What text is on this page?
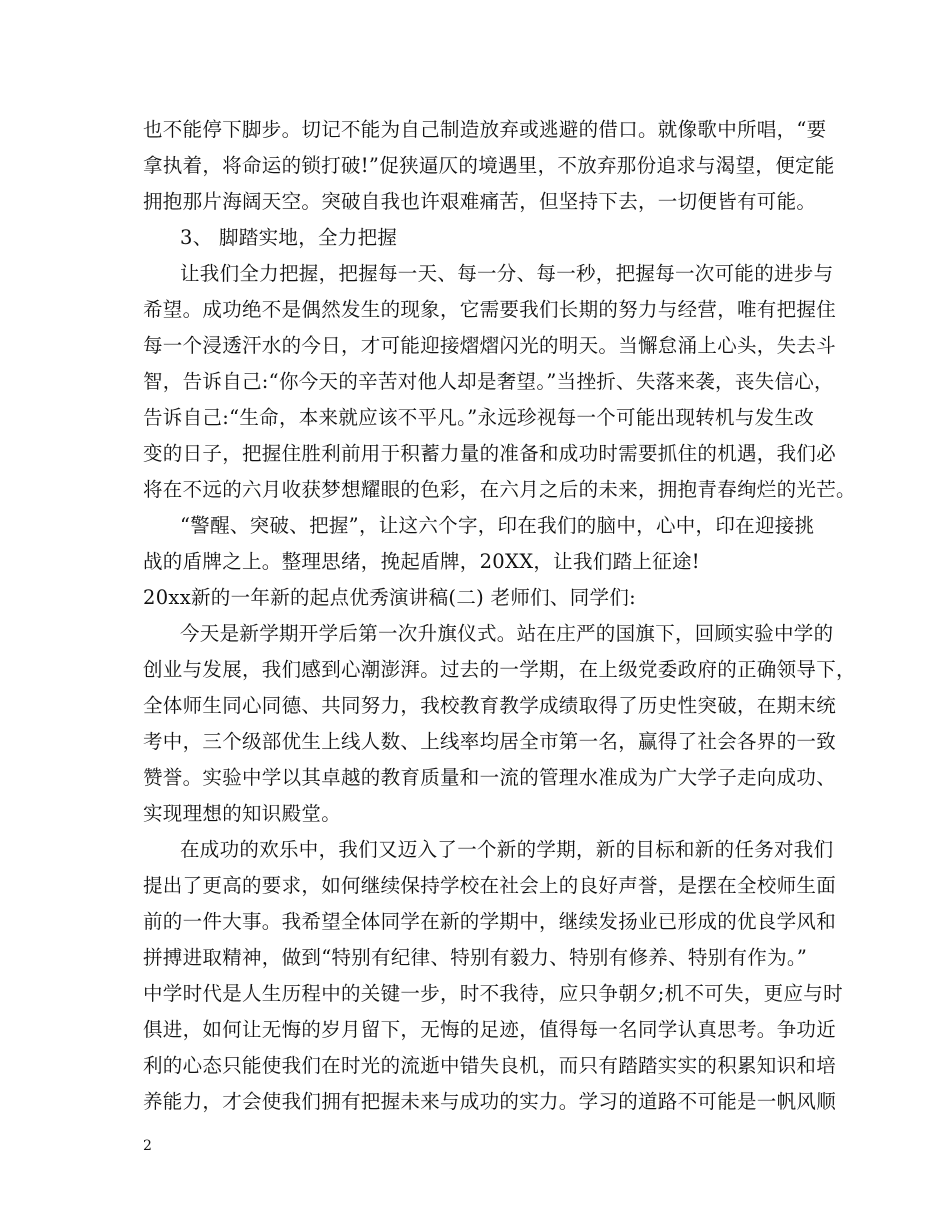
也不能停下脚步。切记不能为自己制造放弃或逃避的借口。就像歌中所唱，“要
拿执着，将命运的锁打破!”促狭逼仄的境遇里，不放弃那份追求与渴望，便定能
拥抱那片海阔天空。突破自我也许艰难痛苦，但坚持下去，一切便皆有可能。
3、 脚踏实地，全力把握
让我们全力把握，把握每一天、每一分、每一秒，把握每一次可能的进步与
希望。成功绝不是偶然发生的现象，它需要我们长期的努力与经营，唯有把握住
每一个浸透汗水的今日，才可能迎接熠熠闪光的明天。当懈怠涌上心头，失去斗
智，告诉自己:“你今天的辛苦对他人却是奢望。”当挫折、失落来袭，丧失信心，
告诉自己:“生命，本来就应该不平凡。”永远珍视每一个可能出现转机与发生改
变的日子，把握住胜利前用于积蓄力量的准备和成功时需要抓住的机遇，我们必
将在不远的六月收获梦想耀眼的色彩，在六月之后的未来，拥抱青春绚烂的光芒。
“警醒、突破、把握”，让这六个字，印在我们的脑中，心中，印在迎接挑
战的盾牌之上。整理思绪，挽起盾牌，20XX，让我们踏上征途!
20xx新的一年新的起点优秀演讲稿(二) 老师们、同学们:
今天是新学期开学后第一次升旗仪式。站在庄严的国旗下，回顾实验中学的
创业与发展，我们感到心潮澎湃。过去的一学期，在上级党委政府的正确领导下，
全体师生同心同德、共同努力，我校教育教学成绩取得了历史性突破，在期末统
考中，三个级部优生上线人数、上线率均居全市第一名，赢得了社会各界的一致
赞誉。实验中学以其卓越的教育质量和一流的管理水准成为广大学子走向成功、
实现理想的知识殿堂。
在成功的欢乐中，我们又迈入了一个新的学期，新的目标和新的任务对我们
提出了更高的要求，如何继续保持学校在社会上的良好声誉，是摆在全校师生面
前的一件大事。我希望全体同学在新的学期中，继续发扬业已形成的优良学风和
拼搏进取精神，做到“特别有纪律、特别有毅力、特别有修养、特别有作为。”
中学时代是人生历程中的关键一步，时不我待，应只争朝夕;机不可失，更应与时
俱进，如何让无悔的岁月留下，无悔的足迹，值得每一名同学认真思考。争功近
利的心态只能使我们在时光的流逝中错失良机，而只有踏踏实实的积累知识和培
养能力，才会使我们拥有把握未来与成功的实力。学习的道路不可能是一帆风顺
2
